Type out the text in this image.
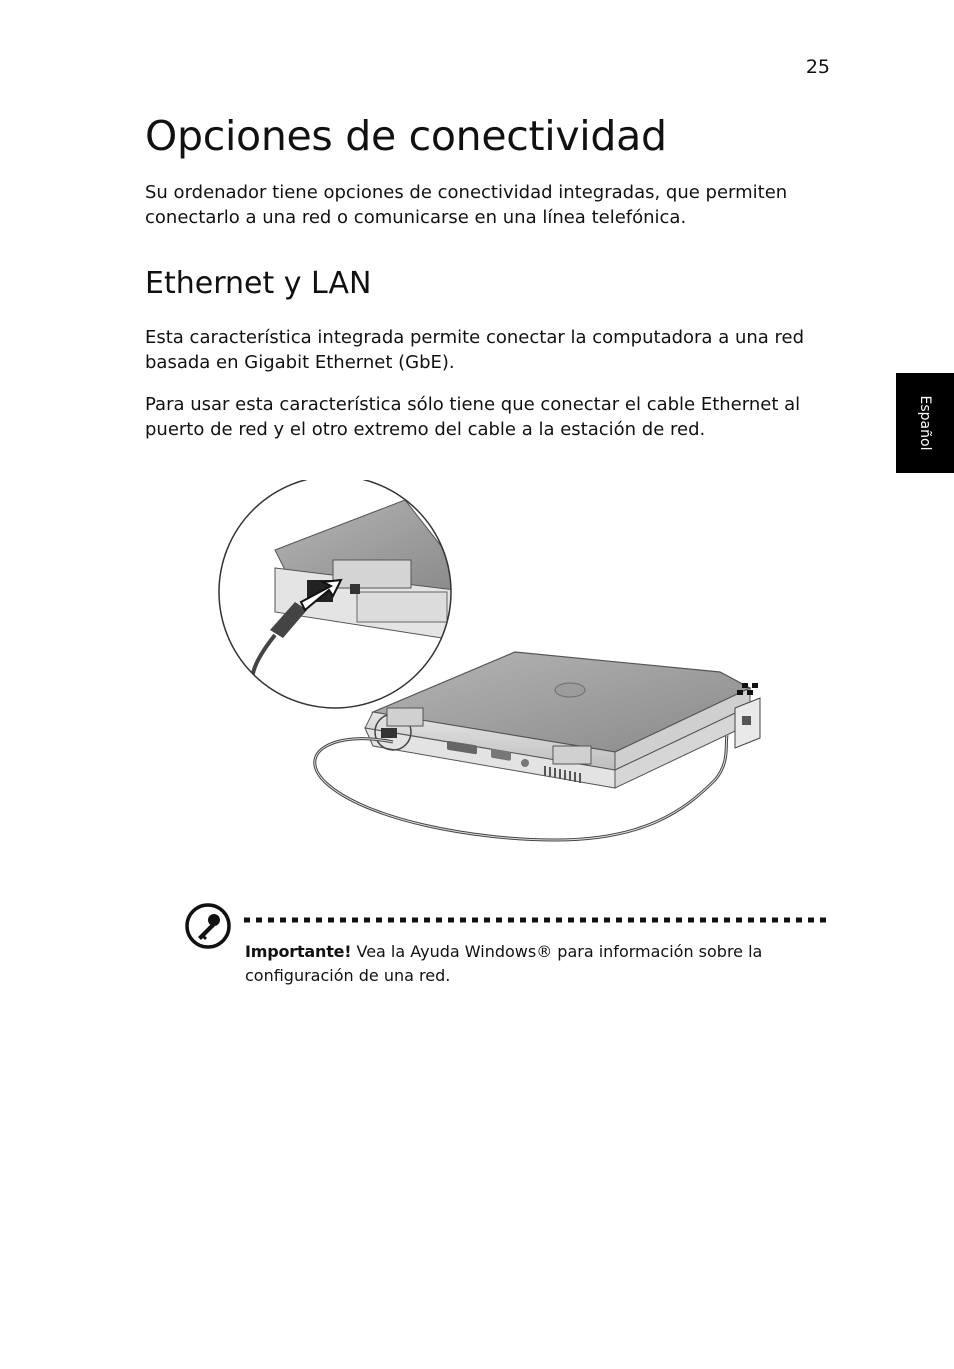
25
Opciones de conectividad

Su ordenador tiene opciones de conectividad integradas, que permiten conectarlo a una red o comunicarse en una línea telefónica.

Ethernet y LAN

Esta característica integrada permite conectar la computadora a una red basada en Gigabit Ethernet (GbE).

Para usar esta característica sólo tiene que conectar el cable Ethernet al puerto de red y el otro extremo del cable a la estación de red.	Español

Importante! Vea la Ayuda Windows® para información sobre la configuración de una red.
